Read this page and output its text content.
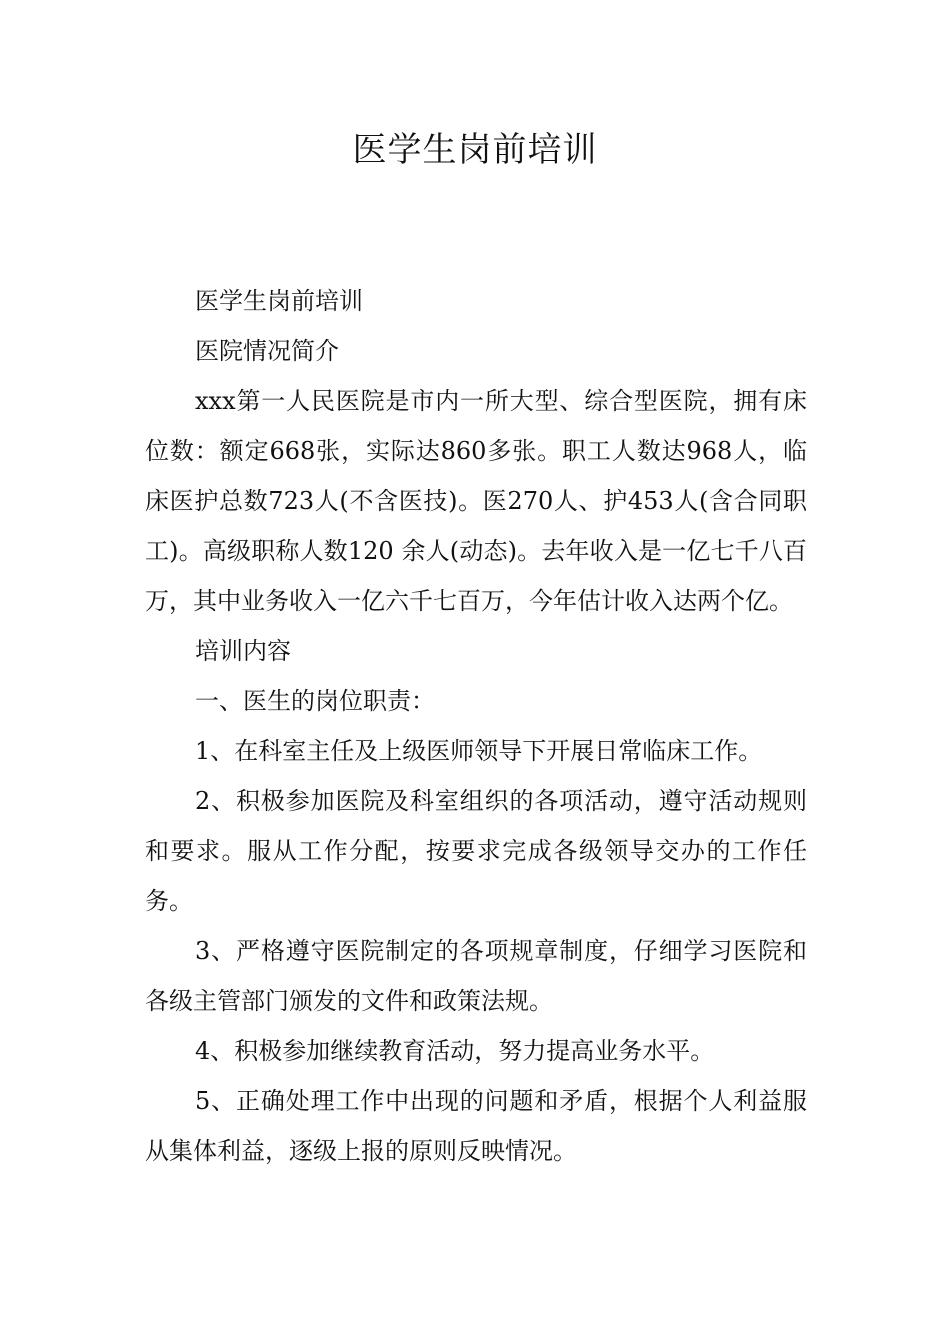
医学生岗前培训

医学生岗前培训

医院情况简介

xxx第一人民医院是市内一所大型、综合型医院，拥有床位数：额定668张，实际达860多张。职工人数达968人，临床医护总数723人(不含医技)。医270人、护453人(含合同职工)。高级职称人数120 余人(动态)。去年收入是一亿七千八百万，其中业务收入一亿六千七百万，今年估计收入达两个亿。

培训内容

一、医生的岗位职责：

1、在科室主任及上级医师领导下开展日常临床工作。

2、积极参加医院及科室组织的各项活动，遵守活动规则和要求。服从工作分配，按要求完成各级领导交办的工作任务。

3、严格遵守医院制定的各项规章制度，仔细学习医院和各级主管部门颁发的文件和政策法规。

4、积极参加继续教育活动，努力提高业务水平。

5、正确处理工作中出现的问题和矛盾，根据个人利益服从集体利益，逐级上报的原则反映情况。
